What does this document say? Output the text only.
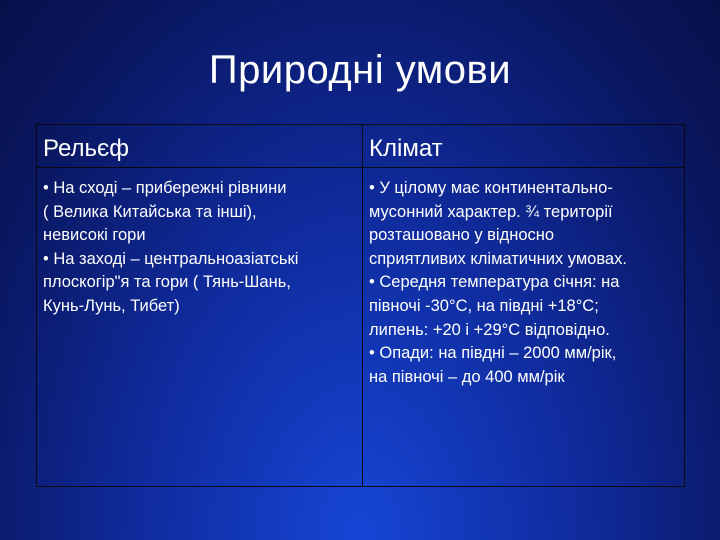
Природні умови
Рельєф	Клімат
• На сході – прибережні рівнини
( Велика Китайська та інші),
невисокі гори
• На заході – центральноазіатські
плоскогір"я та гори ( Тянь-Шань,
Кунь-Лунь, Тибет)
• У цілому має континентально-
мусонний характер. ¾ території
розташовано у відносно
сприятливих кліматичних умовах.
• Середня температура січня: на
півночі -30°С, на півдні +18°С;
липень: +20 і +29°С відповідно.
• Опади: на півдні – 2000 мм/рік,
на півночі – до 400 мм/рік
